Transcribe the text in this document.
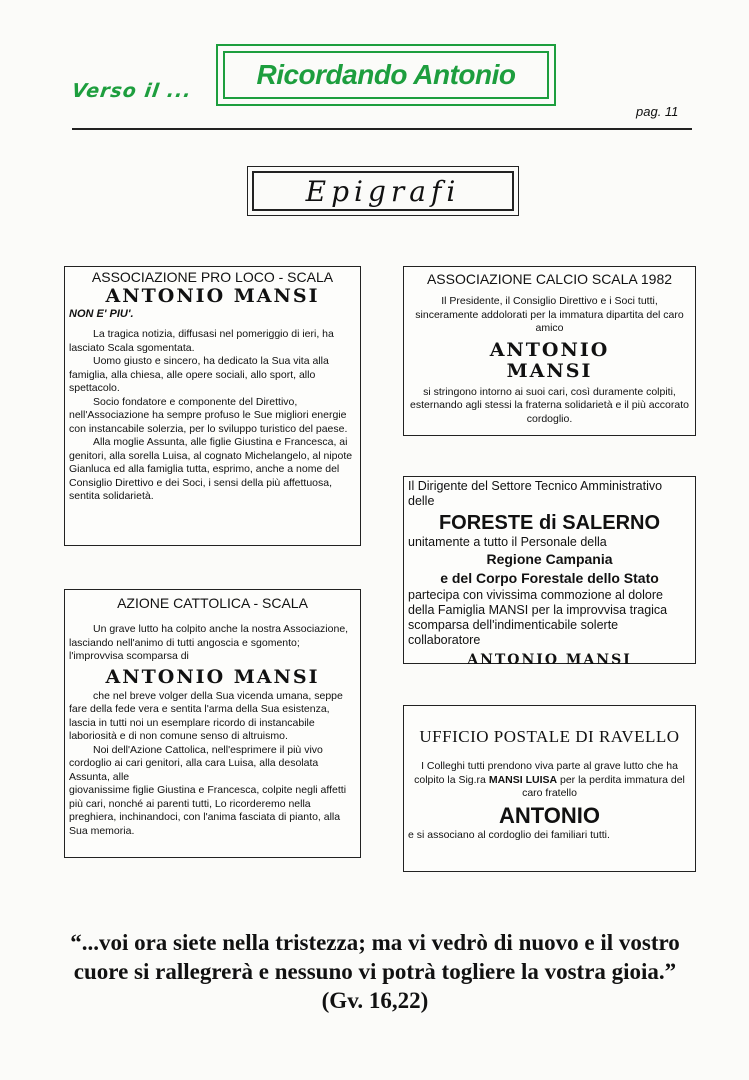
Verso il ...
Ricordando Antonio
pag. 11
Epigrafi
ASSOCIAZIONE PRO LOCO - SCALA
ANTONIO MANSI
NON E' PIU'.

La tragica notizia, diffusasi nel pomeriggio di ieri, ha lasciato Scala sgomentata.

Uomo giusto e sincero, ha dedicato la Sua vita alla famiglia, alla chiesa, alle opere sociali, allo sport, allo spettacolo.

Socio fondatore e componente del Direttivo, nell'Associazione ha sempre profuso le Sue migliori energie con instancabile solerzia, per lo sviluppo turistico del paese.

Alla moglie Assunta, alle figlie Giustina e Francesca, ai genitori, alla sorella Luisa, al cognato Michelangelo, al nipote Gianluca ed alla famiglia tutta, esprimo, anche a nome del Consiglio Direttivo e dei Soci, i sensi della più affettuosa, sentita solidarietà.

ASSOCIAZIONE CALCIO SCALA 1982
Il Presidente, il Consiglio Direttivo e i Soci tutti, sinceramente addolorati per la immatura dipartita del caro amico
ANTONIO
MANSI
si stringono intorno ai suoi cari, così duramente colpiti, esternando agli stessi la fraterna solidarietà e il più accorato cordoglio.
Il Dirigente del Settore Tecnico Amministrativo delle
FORESTE di SALERNO
unitamente a tutto il Personale della
Regione Campania
e del Corpo Forestale dello Stato
partecipa con vivissima commozione al dolore della Famiglia MANSI per la improvvisa tragica scomparsa dell'indimenticabile solerte collaboratore
ANTONIO MANSI
AZIONE CATTOLICA - SCALA

Un grave lutto ha colpito anche la nostra Associazione, lasciando nell'animo di tutti angoscia e sgomento; l'improvvisa scomparsa di

ANTONIO MANSI

che nel breve volger della Sua vicenda umana, seppe fare della fede vera e sentita l'arma della Sua esistenza, lascia in tutti noi un esemplare ricordo di instancabile laboriosità e di non comune senso di altruismo.

Noi dell'Azione Cattolica, nell'esprimere il più vivo cordoglio ai cari genitori, alla cara Luisa, alla desolata Assunta, alle

giovanissime figlie Giustina e Francesca, colpite negli affetti più cari, nonché ai parenti tutti, Lo ricorderemo nella preghiera, inchinandoci, con l'anima fasciata di pianto, alla Sua memoria.

UFFICIO POSTALE DI RAVELLO
I Colleghi tutti prendono viva parte al grave lutto che ha colpito la Sig.ra MANSI LUISA per la perdita immatura del caro fratello
ANTONIO
e si associano al cordoglio dei familiari tutti.
“...voi ora siete nella tristezza; ma vi vedrò di nuovo e il vostro cuore si rallegrerà e nessuno vi potrà togliere la vostra gioia.” (Gv. 16,22)
